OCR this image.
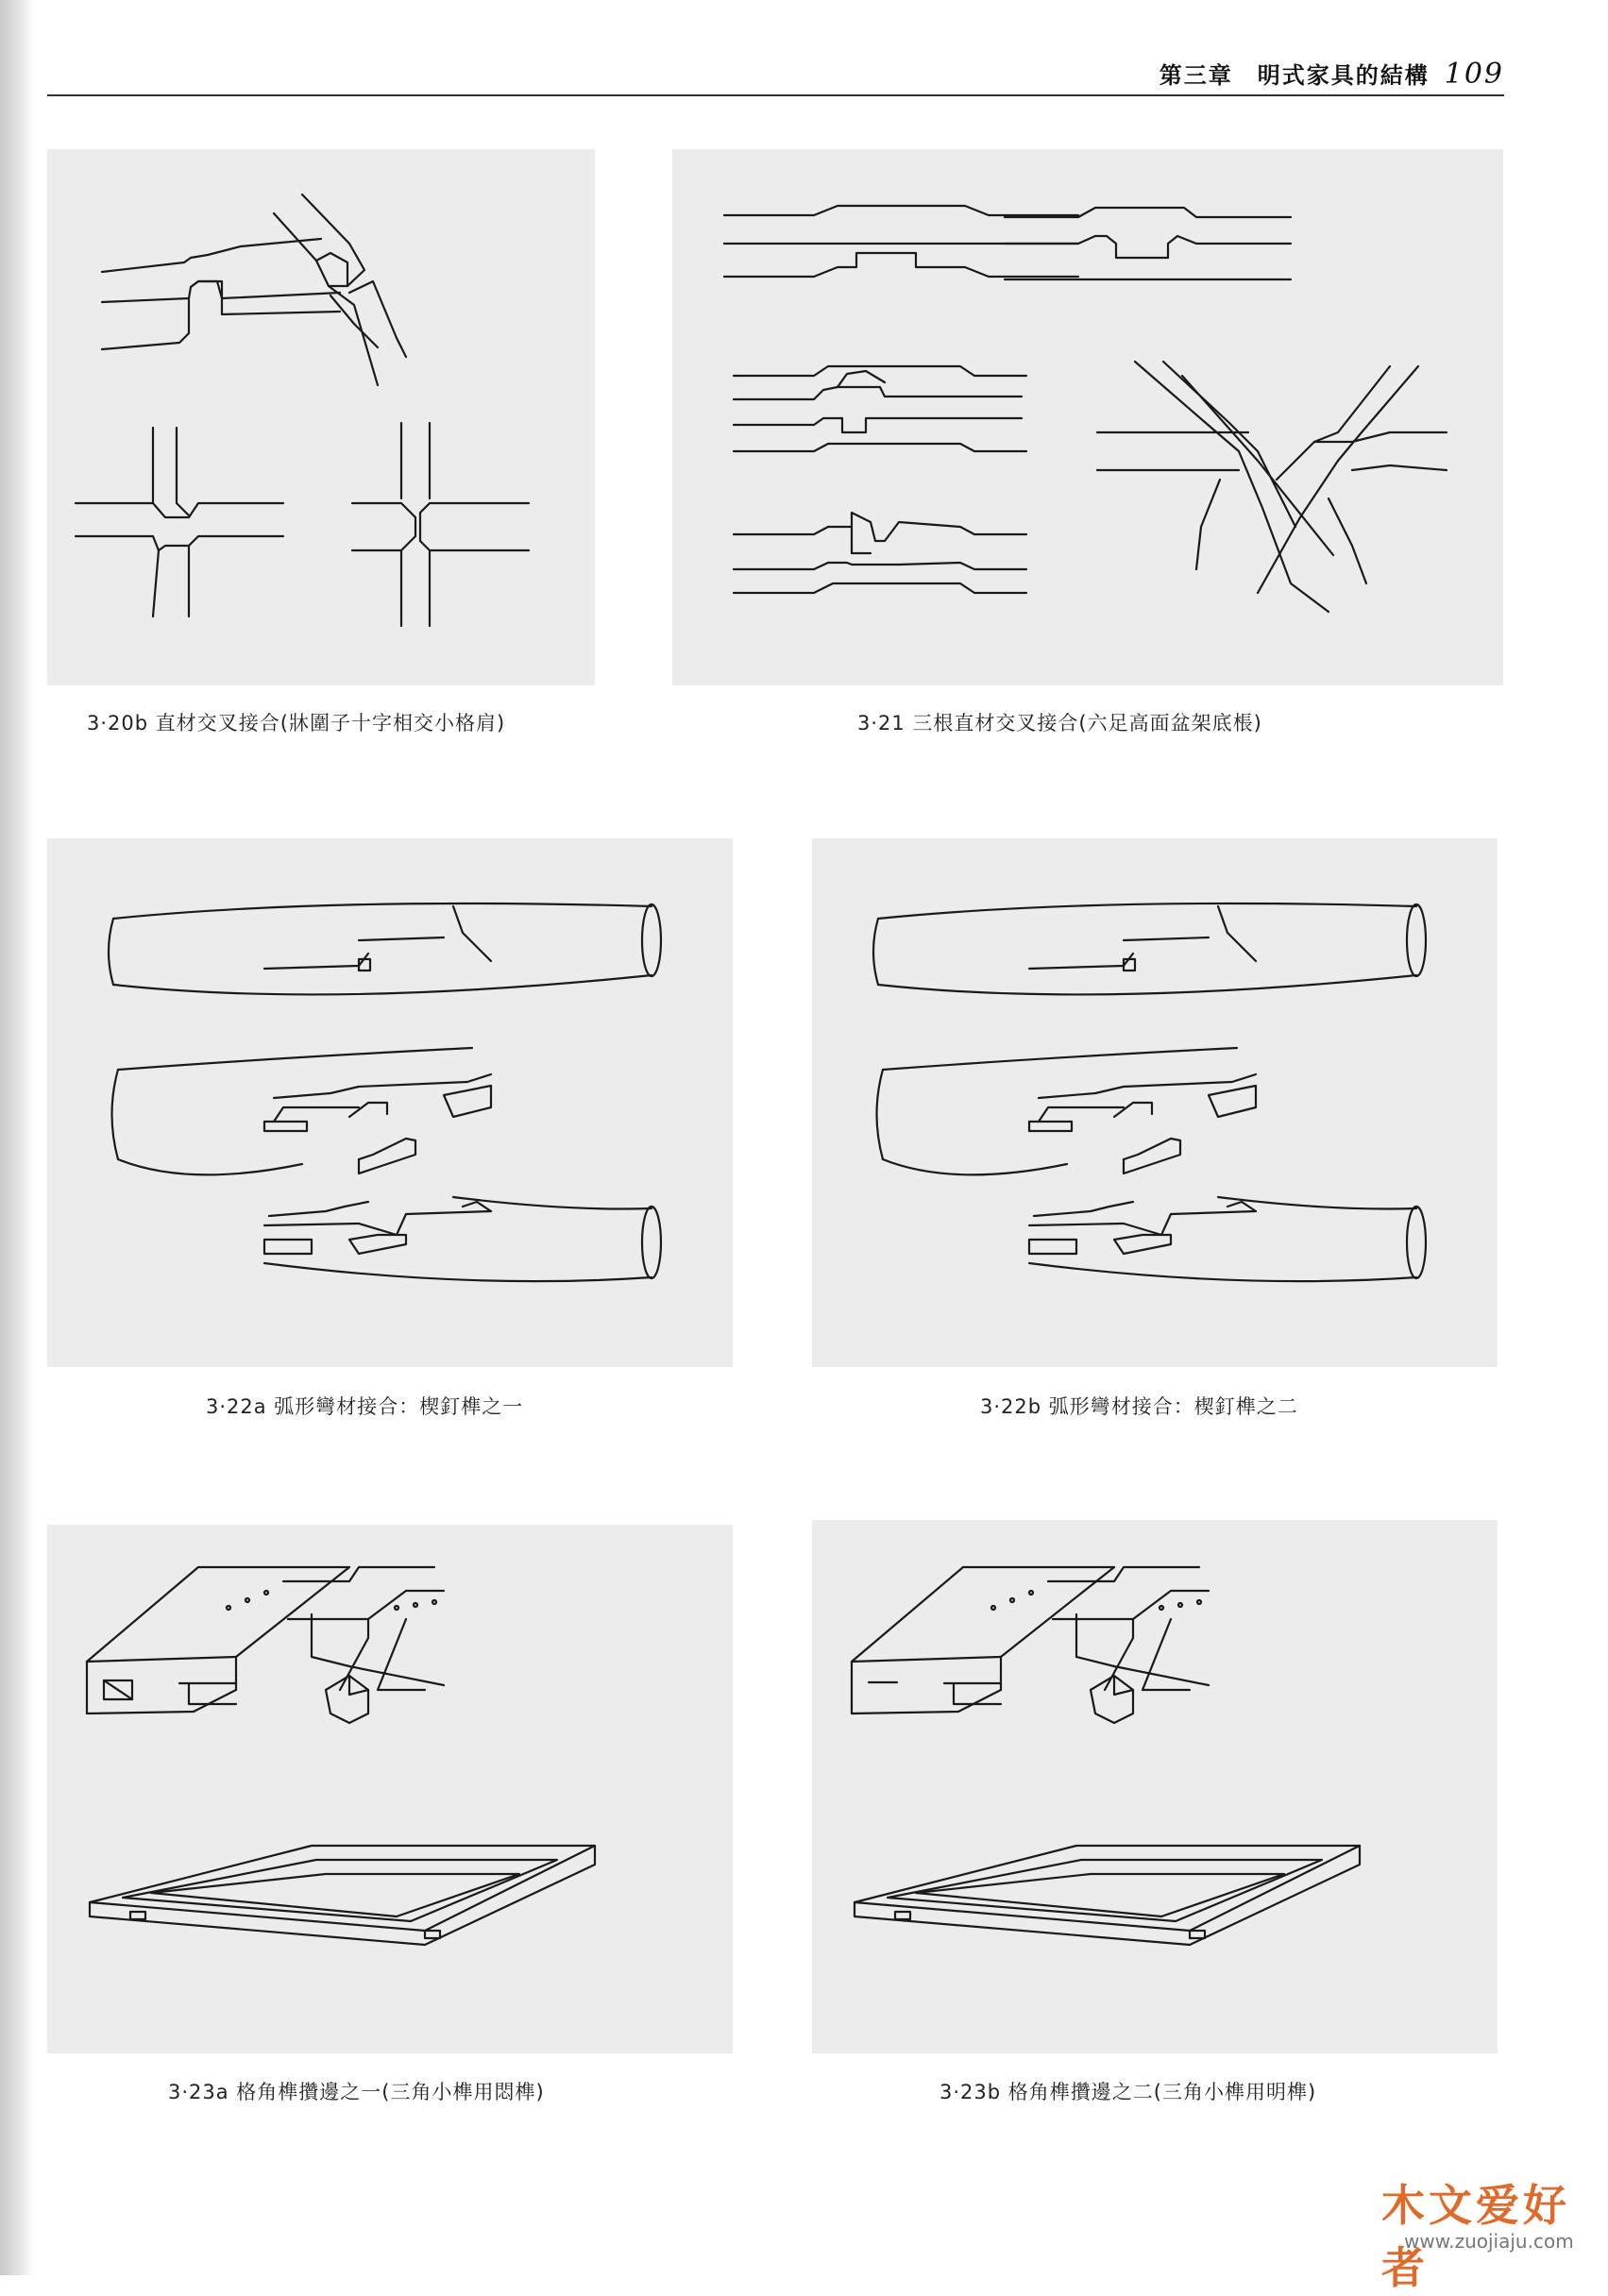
第三章　明式家具的結構 109
3·20b 直材交叉接合(牀圍子十字相交小格肩)	3·21 三根直材交叉接合(六足高面盆架底棖)
3·22a 弧形彎材接合：楔釘榫之一	3·22b 弧形彎材接合：楔釘榫之二
3·23a 格角榫攢邊之一(三角小榫用悶榫)	3·23b 格角榫攢邊之二(三角小榫用明榫)
木文爱好者
www.zuojiaju.com
